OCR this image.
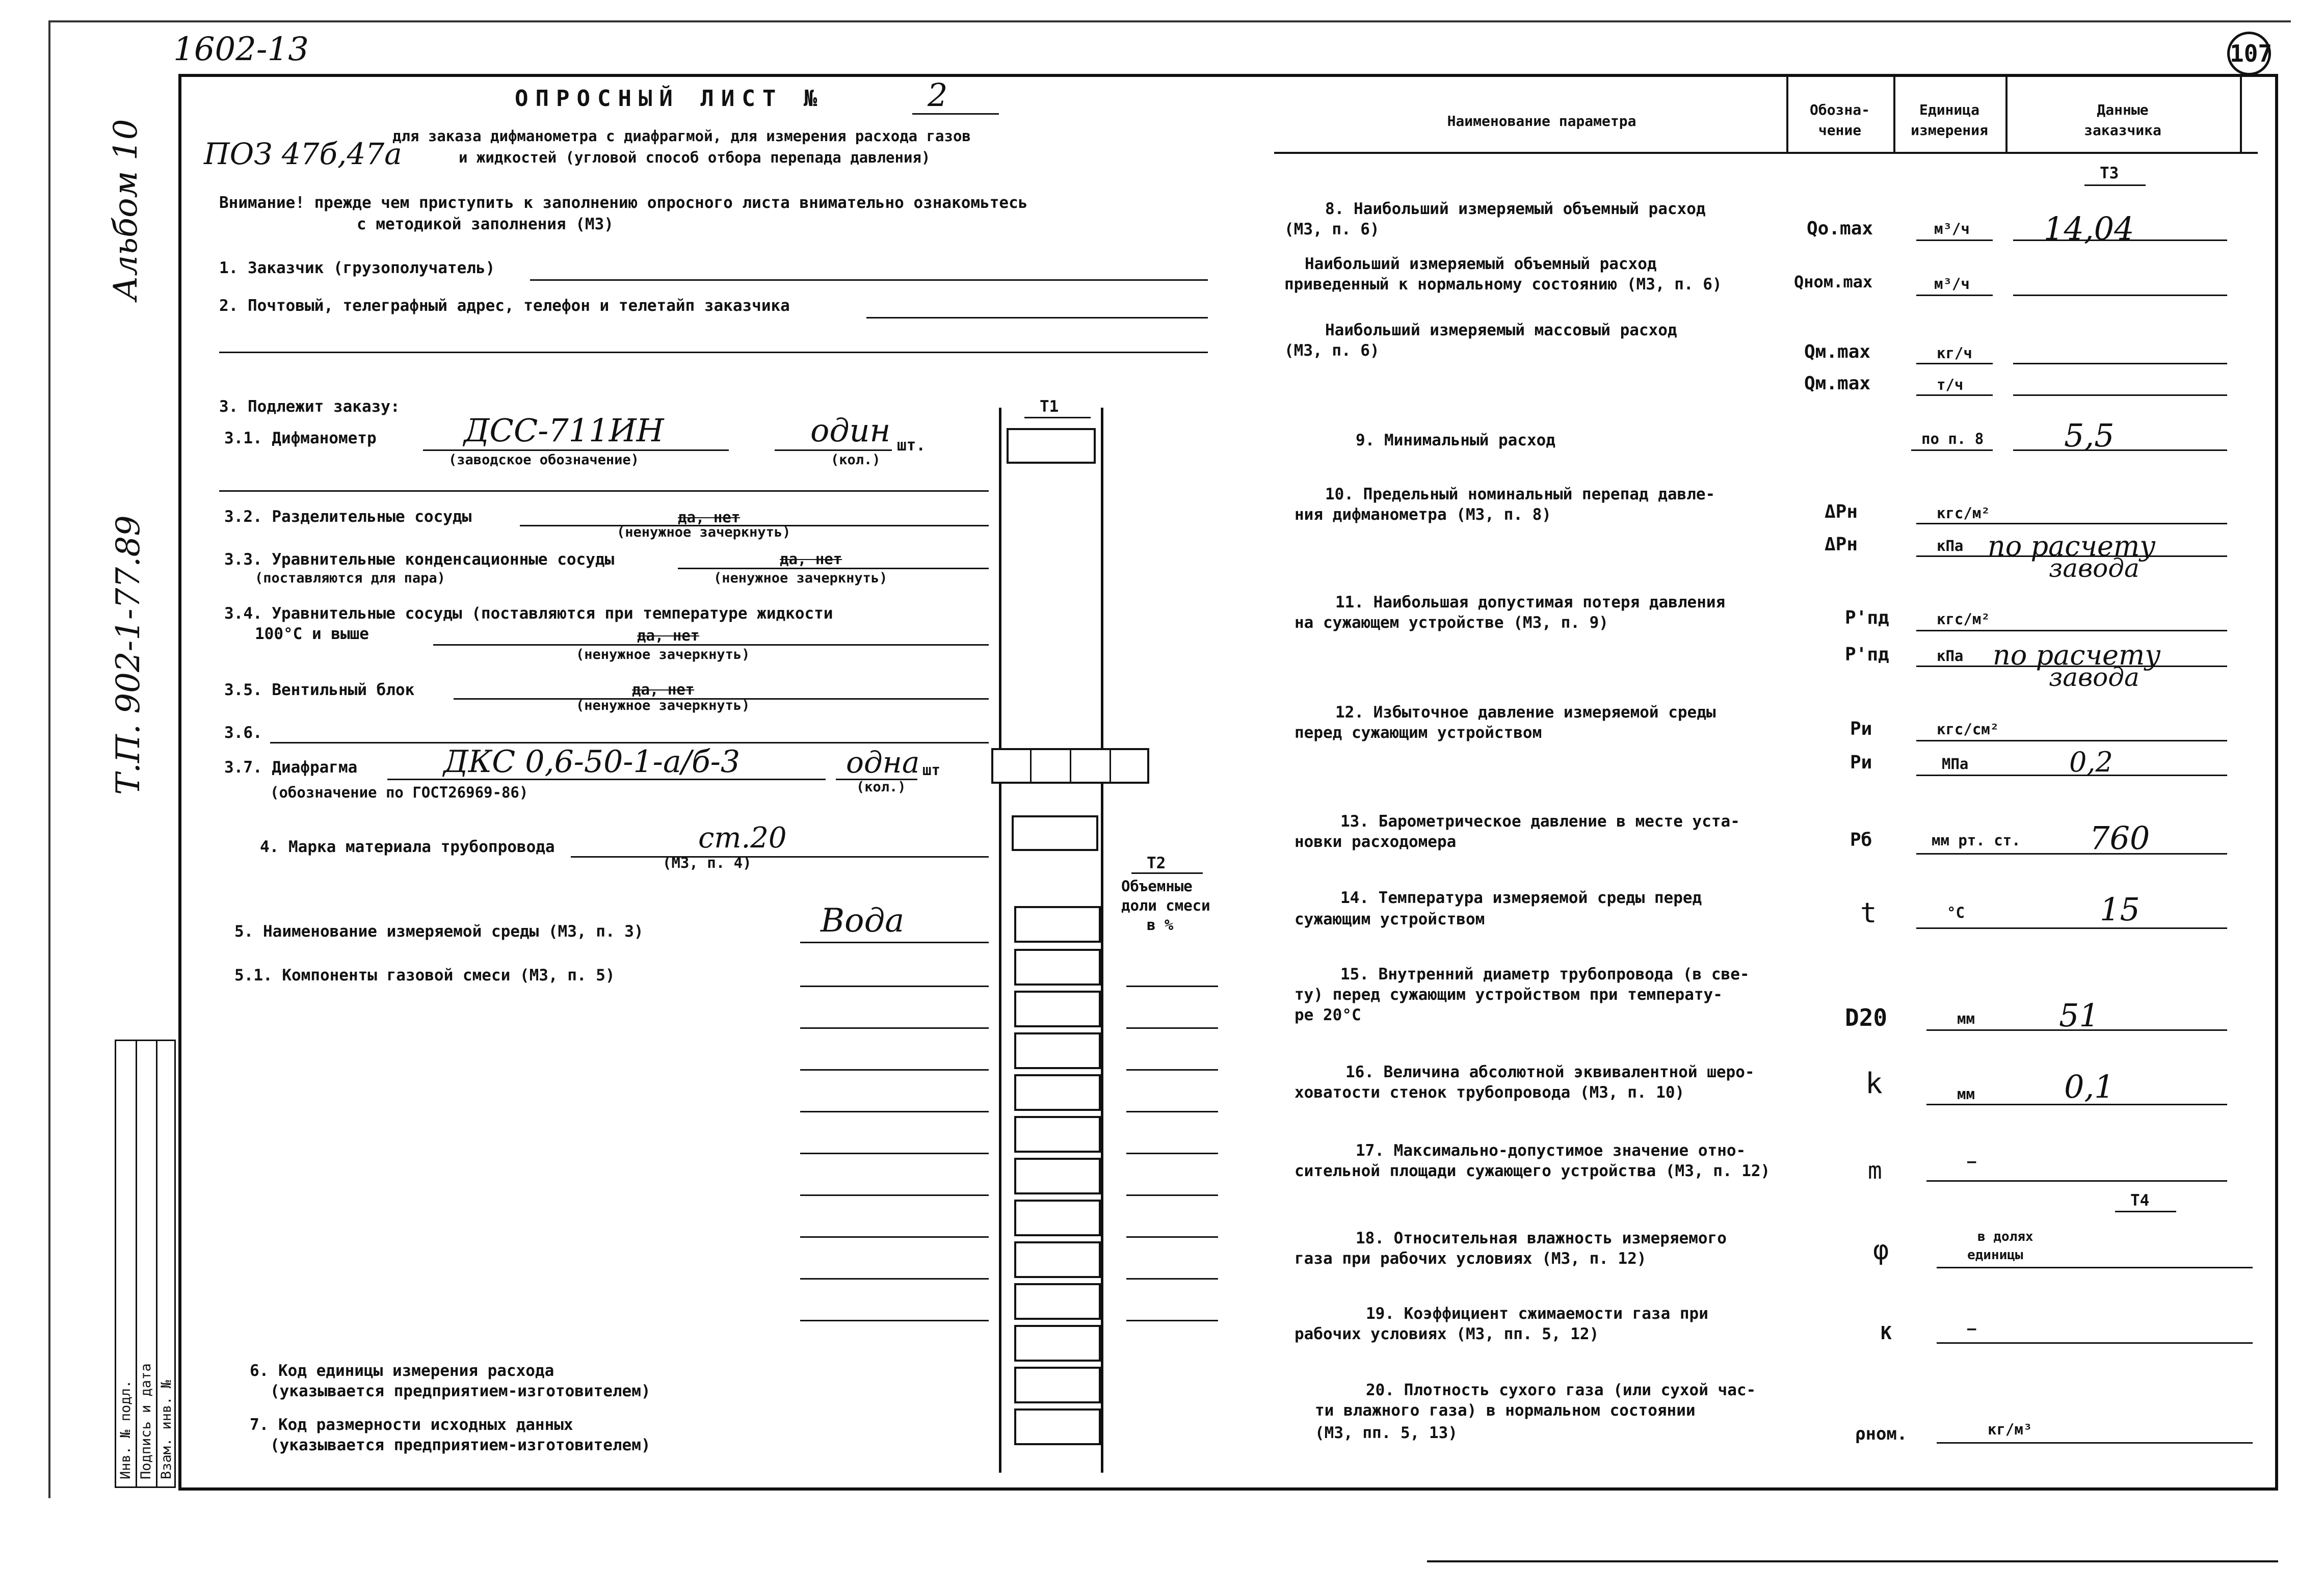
1602-13	107
Альбом 10
Т.П. 902-1-77.89
Инв. № подл. Подпись и дата Взам. инв. №
ОПРОСНЫЙ ЛИСТ №	2
для заказа дифманометра с диафрагмой, для измерения расхода газов
ПОЗ 47б,47а	и жидкостей (угловой способ отбора перепада давления)
Внимание! прежде чем приступить к заполнению опросного листа внимательно ознакомьтесь
с методикой заполнения (МЗ)
1. Заказчик (грузополучатель)
2. Почтовый, телеграфный адрес, телефон и телетайп заказчика
3. Подлежит заказу:
3.1. Дифманометр	ДСС-711ИН
(заводское обозначение)
один
(кол.)
шт.
3.2. Разделительные сосуды	да, нет
(ненужное зачеркнуть)
3.3. Уравнительные конденсационные сосуды	да, нет
(поставляются для пара)	(ненужное зачеркнуть)
3.4. Уравнительные сосуды (поставляются при температуре жидкости
100°С и выше	да, нет
(ненужное зачеркнуть)
3.5. Вентильный блок	да, нет
(ненужное зачеркнуть)
3.6.
3.7. Диафрагма	ДКС 0,6-50-1-а/б-3
(обозначение по ГОСТ26969-86)
одна
(кол.)
шт
4. Марка материала трубопровода	ст.20
(МЗ, п. 4)
5. Наименование измеряемой среды (МЗ, п. 3)	Вода
5.1. Компоненты газовой смеси (МЗ, п. 5)
6. Код единицы измерения расхода
(указывается предприятием-изготовителем)
7. Код размерности исходных данных
(указывается предприятием-изготовителем)
Т1
Т2
Объемные
доли смеси
в %
Наименование параметра
Обозна-
чение
Единица
измерения
Данные
заказчика
Т3
8. Наибольший измеряемый объемный расход
(МЗ, п. 6)	Qо.max	м³/ч 14,04
Наибольший измеряемый объемный расход
приведенный к нормальному состоянию (МЗ, п. 6)	Qном.max	м³/ч
Наибольший измеряемый массовый расход
(МЗ, п. 6)	Qм.max	кг/ч
Qм.max	т/ч
9. Минимальный расход	по п. 8	5,5
10. Предельный номинальный перепад давле-
ния дифманометра (МЗ, п. 8)	ΔPн	кгс/м²
ΔPн	кПа по расчету
завода
11. Наибольшая допустимая потеря давления
на сужающем устройстве (МЗ, п. 9)	P'пд	кгс/м²
P'пд	кПа по расчету
завода
12. Избыточное давление измеряемой среды
перед сужающим устройством	Pи	кгс/см²
Pи	МПа	0,2
13. Барометрическое давление в месте уста-
новки расходомера	Pб	мм рт. ст. 760
14. Температура измеряемой среды перед
сужающим устройством	t	°C	15
15. Внутренний диаметр трубопровода (в све-
ту) перед сужающим устройством при температу-
ре 20°С	D20	мм	51
16. Величина абсолютной эквивалентной шеро-
ховатости стенок трубопровода (МЗ, п. 10)	k	мм	0,1
17. Максимально-допустимое значение отно-
сительной площади сужающего устройства (МЗ, п. 12)	m	—
Т4
18. Относительная влажность измеряемого
газа при рабочих условиях (МЗ, п. 12)	φ	в долях
единицы
19. Коэффициент сжимаемости газа при
рабочих условиях (МЗ, пп. 5, 12)	К	—
20. Плотность сухого газа (или сухой час-
ти влажного газа) в нормальном состоянии
(МЗ, пп. 5, 13)	ρном.	кг/м³
